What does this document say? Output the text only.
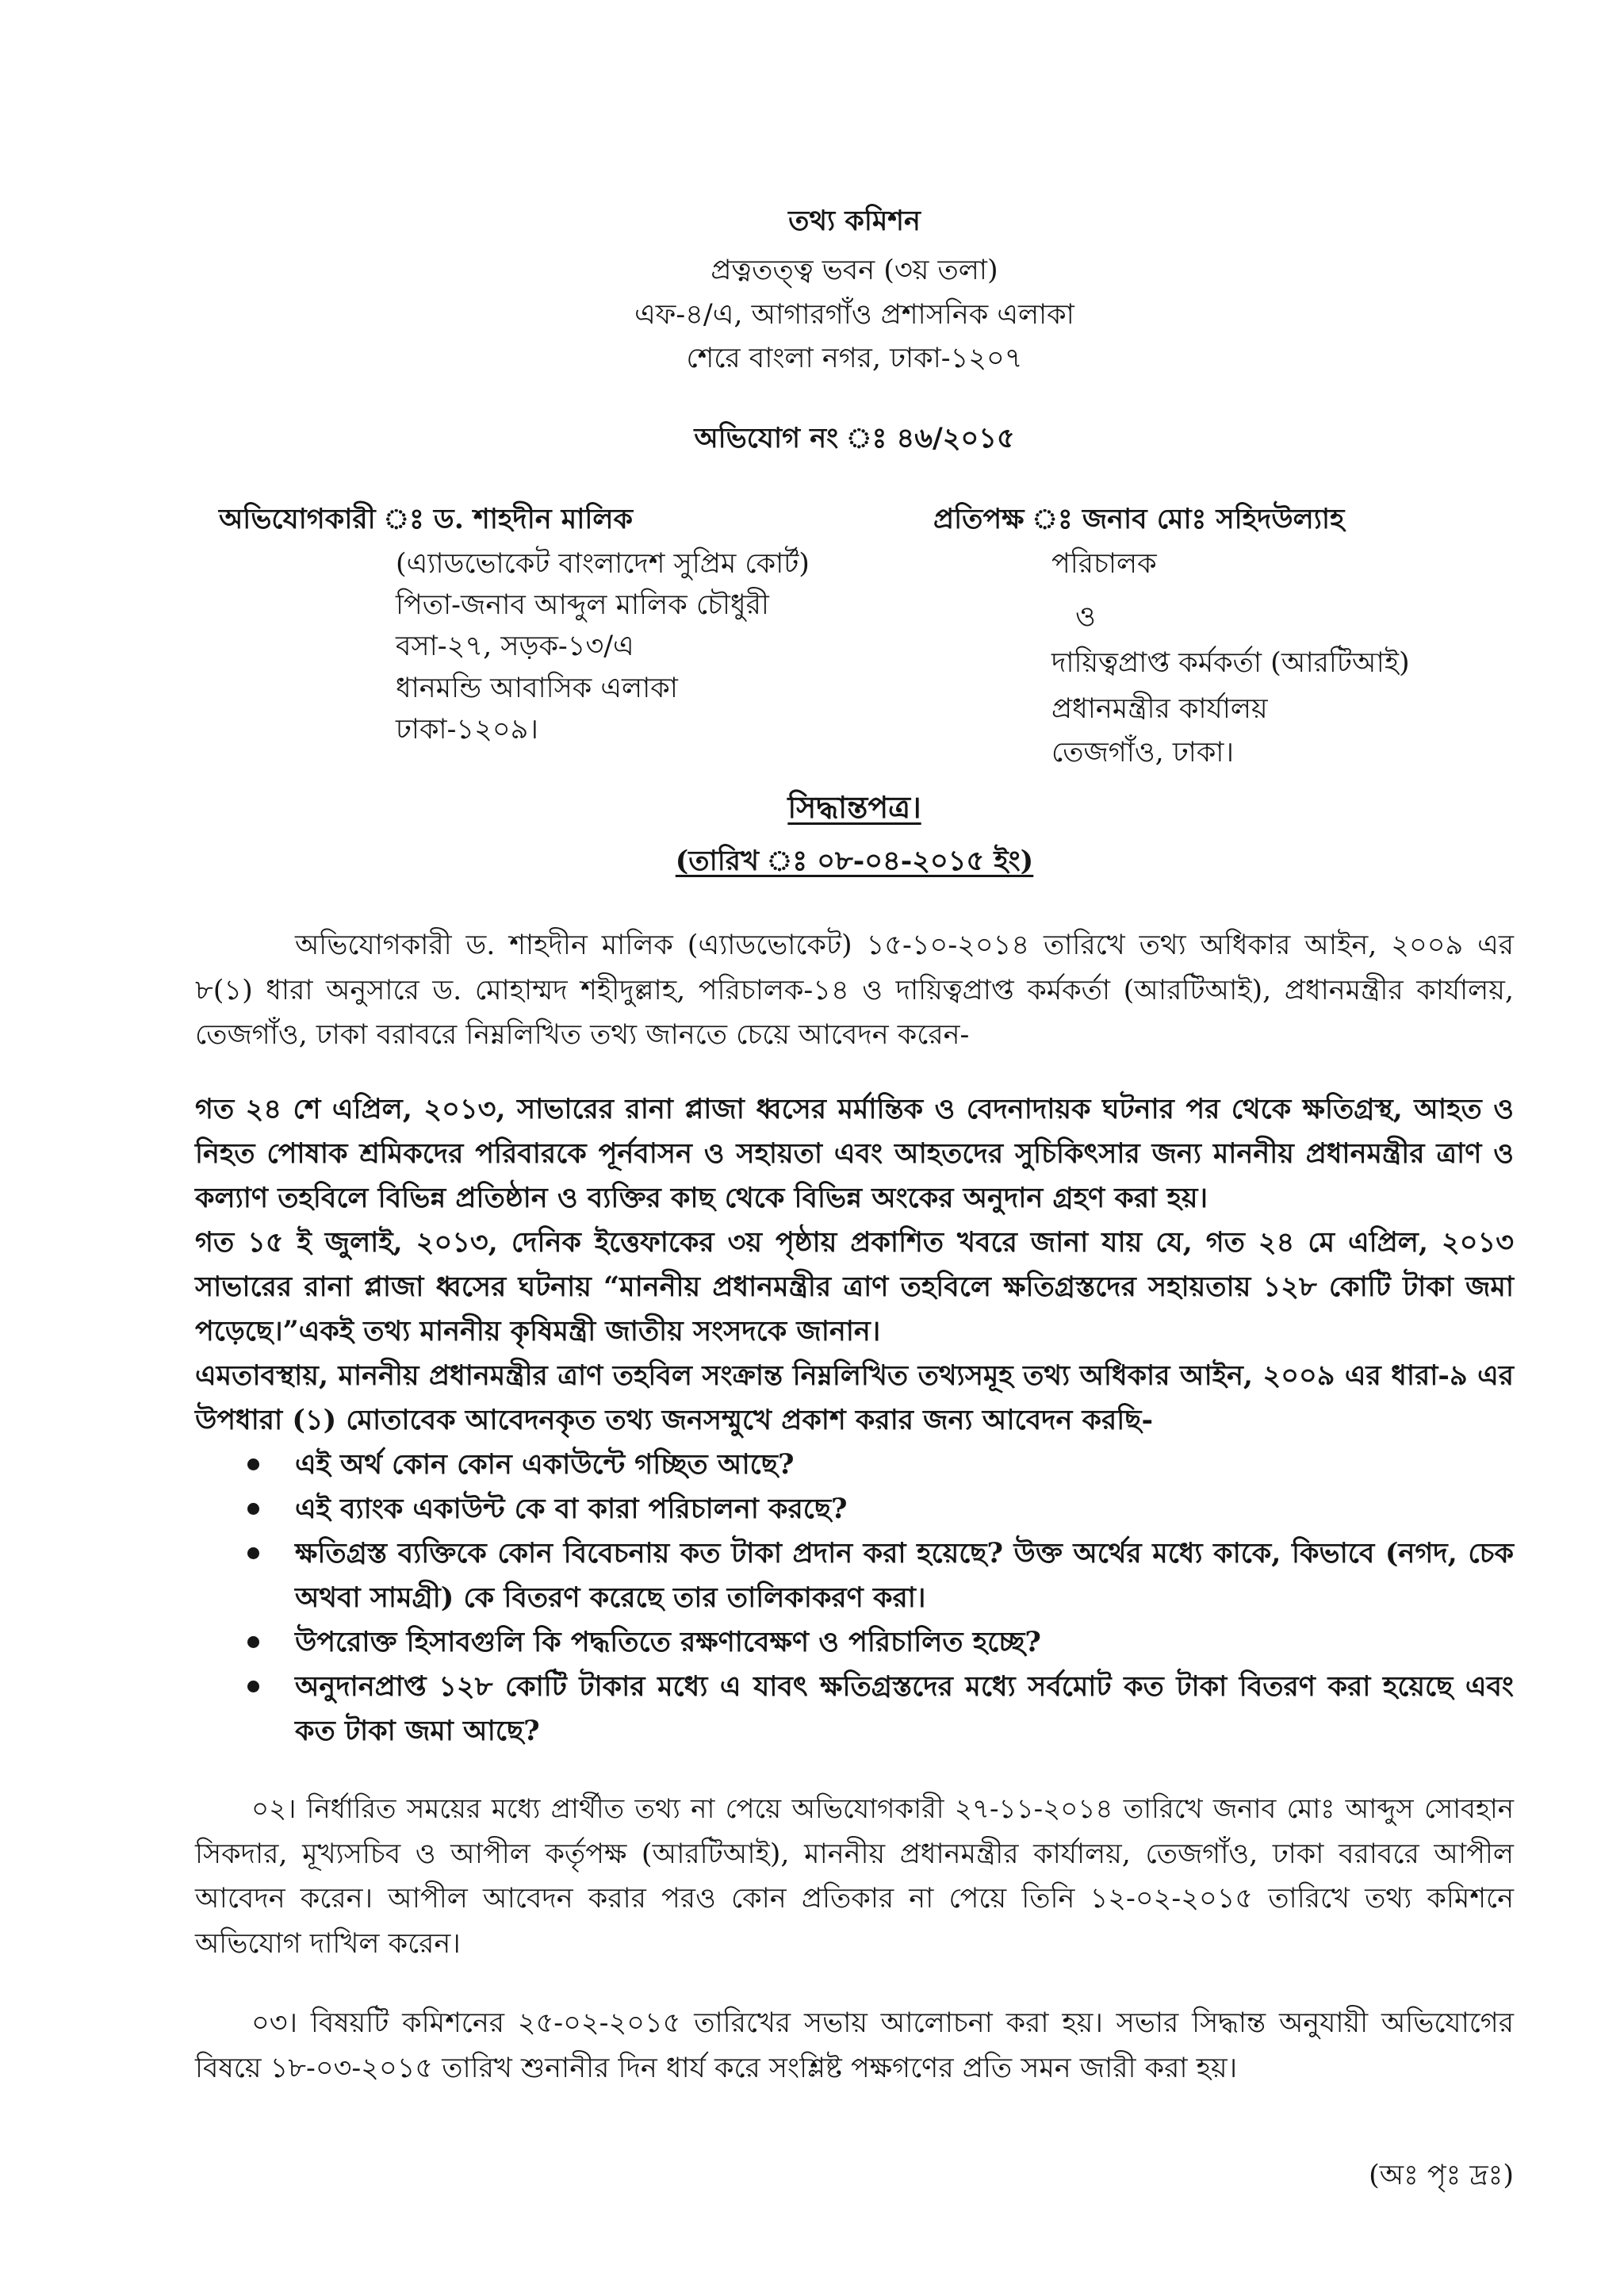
তথ্য কমিশন
প্রত্নতত্ত্ব ভবন (৩য় তলা)
এফ-৪/এ, আগারগাঁও প্রশাসনিক এলাকা
শেরে বাংলা নগর, ঢাকা-১২০৭
অভিযোগ নং ঃ ৪৬/২০১৫
অভিযোগকারী ঃ ড. শাহদীন মালিক
(এ্যাডভোকেট বাংলাদেশ সুপ্রিম কোর্ট)
পিতা-জনাব আব্দুল মালিক চৌধুরী
বসা-২৭, সড়ক-১৩/এ
ধানমন্ডি আবাসিক এলাকা
ঢাকা-১২০৯।
প্রতিপক্ষ ঃ জনাব মোঃ সহিদউল্যাহ
পরিচালক
ও
দায়িত্বপ্রাপ্ত কর্মকর্তা (আরটিআই)
প্রধানমন্ত্রীর কার্যালয়
তেজগাঁও, ঢাকা।
সিদ্ধান্তপত্র।
(তারিখ ঃ ০৮-০৪-২০১৫ ইং)
অভিযোগকারী ড. শাহদীন মালিক (এ্যাডভোকেট) ১৫-১০-২০১৪ তারিখে তথ্য অধিকার আইন, ২০০৯ এর
৮(১) ধারা অনুসারে ড. মোহাম্মদ শহীদুল্লাহ, পরিচালক-১৪ ও দায়িত্বপ্রাপ্ত কর্মকর্তা (আরটিআই), প্রধানমন্ত্রীর কার্যালয়,
তেজগাঁও, ঢাকা বরাবরে নিম্নলিখিত তথ্য জানতে চেয়ে আবেদন করেন-
গত ২৪ শে এপ্রিল, ২০১৩, সাভারের রানা প্লাজা ধ্বসের মর্মান্তিক ও বেদনাদায়ক ঘটনার পর থেকে ক্ষতিগ্রস্থ, আহত ও
নিহত পোষাক শ্রমিকদের পরিবারকে পূর্নবাসন ও সহায়তা এবং আহতদের সুচিকিৎসার জন্য মাননীয় প্রধানমন্ত্রীর ত্রাণ ও
কল্যাণ তহবিলে বিভিন্ন প্রতিষ্ঠান ও ব্যক্তির কাছ থেকে বিভিন্ন অংকের অনুদান গ্রহণ করা হয়।
গত ১৫ ই জুলাই, ২০১৩, দেনিক ইত্তেফাকের ৩য় পৃষ্ঠায় প্রকাশিত খবরে জানা যায় যে, গত ২৪ মে এপ্রিল, ২০১৩
সাভারের রানা প্লাজা ধ্বসের ঘটনায় “মাননীয় প্রধানমন্ত্রীর ত্রাণ তহবিলে ক্ষতিগ্রস্তদের সহায়তায় ১২৮ কোটি টাকা জমা
পড়েছে।”একই তথ্য মাননীয় কৃষিমন্ত্রী জাতীয় সংসদকে জানান।
এমতাবস্থায়, মাননীয় প্রধানমন্ত্রীর ত্রাণ তহবিল সংক্রান্ত নিম্নলিখিত তথ্যসমূহ তথ্য অধিকার আইন, ২০০৯ এর ধারা-৯ এর
উপধারা (১) মোতাবেক আবেদনকৃত তথ্য জনসম্মুখে প্রকাশ করার জন্য আবেদন করছি-
এই অর্থ কোন কোন একাউন্টে গচ্ছিত আছে?
এই ব্যাংক একাউন্ট কে বা কারা পরিচালনা করছে?
ক্ষতিগ্রস্ত ব্যক্তিকে কোন বিবেচনায় কত টাকা প্রদান করা হয়েছে? উক্ত অর্থের মধ্যে কাকে, কিভাবে (নগদ, চেক
অথবা সামগ্রী) কে বিতরণ করেছে তার তালিকাকরণ করা।
উপরোক্ত হিসাবগুলি কি পদ্ধতিতে রক্ষণাবেক্ষণ ও পরিচালিত হচ্ছে?
অনুদানপ্রাপ্ত ১২৮ কোটি টাকার মধ্যে এ যাবৎ ক্ষতিগ্রস্তদের মধ্যে সর্বমোট কত টাকা বিতরণ করা হয়েছে এবং
কত টাকা জমা আছে?
০২। নির্ধারিত সময়ের মধ্যে প্রার্থীত তথ্য না পেয়ে অভিযোগকারী ২৭-১১-২০১৪ তারিখে জনাব মোঃ আব্দুস সোবহান
সিকদার, মূখ্যসচিব ও আপীল কর্তৃপক্ষ (আরটিআই), মাননীয় প্রধানমন্ত্রীর কার্যালয়, তেজগাঁও, ঢাকা বরাবরে আপীল
আবেদন করেন। আপীল আবেদন করার পরও কোন প্রতিকার না পেয়ে তিনি ১২-০২-২০১৫ তারিখে তথ্য কমিশনে
অভিযোগ দাখিল করেন।
০৩। বিষয়টি কমিশনের ২৫-০২-২০১৫ তারিখের সভায় আলোচনা করা হয়। সভার সিদ্ধান্ত অনুযায়ী অভিযোগের
বিষয়ে ১৮-০৩-২০১৫ তারিখ শুনানীর দিন ধার্য করে সংশ্লিষ্ট পক্ষগণের প্রতি সমন জারী করা হয়।
(অঃ পৃঃ দ্রঃ)
